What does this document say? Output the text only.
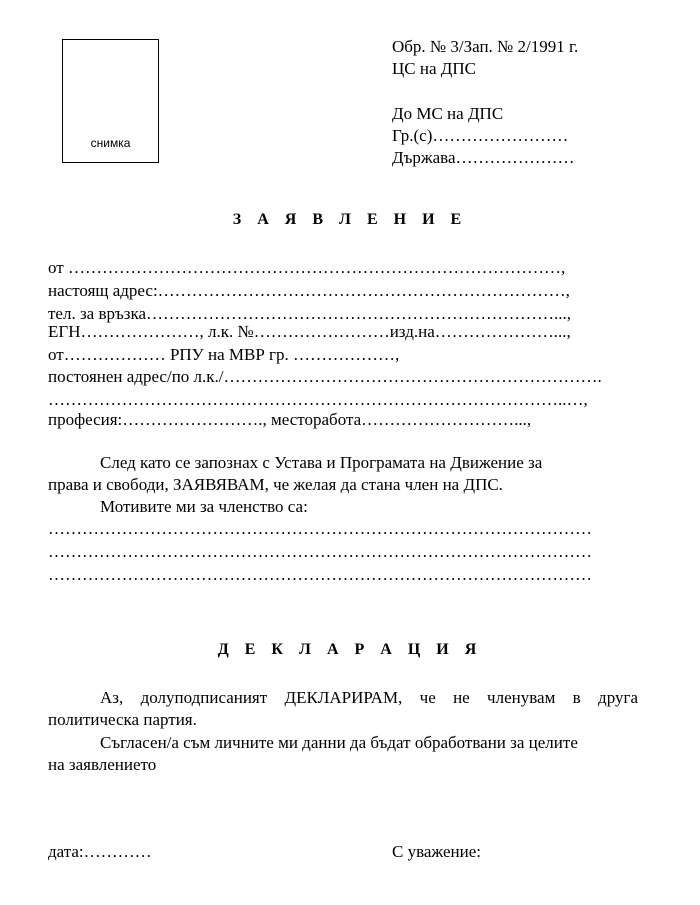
снимка
Обр. № 3/Зап. № 2/1991 г.
ЦС на ДПС
До МС на ДПС
Гр.(с)……………………
Държава…………………
З А Я В Л Е Н И Е
от ……………………………………………………………………………,
настоящ адрес:………………………………………………………………,
тел. за връзка………………………………………………………………...,
ЕГН…………………, л.к. №……………………изд.на…………………...,
от……………… РПУ на МВР гр. ………………,
постоянен адрес/по л.к./………………………………………………………….
………………………………………………………………………………..…,
професия:……………………., месторабота………………………...,
След като се запознах с Устава и Програмата на Движение за
права и свободи, ЗАЯВЯВАМ, че желая да стана член на ДПС.
Мотивите ми за членство са:
……………………………………………………………………………………
……………………………………………………………………………………
……………………………………………………………………………………
Д Е К Л А Р А Ц И Я
Аз, долуподписаният ДЕКЛАРИРАМ, че не членувам в друга
политическа партия.
Съгласен/а съм личните ми данни да бъдат обработвани за целите
на заявлението
дата:…………	С уважение:
